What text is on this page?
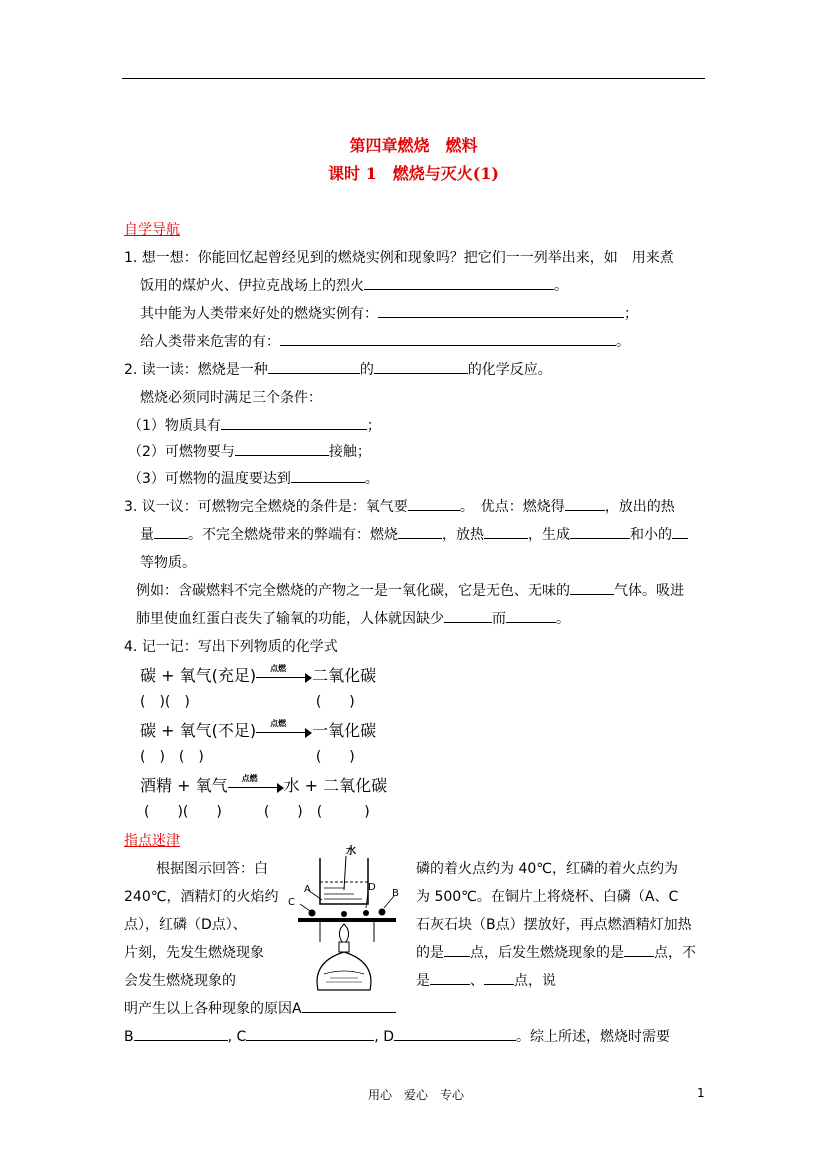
第四章燃烧　燃料
课时 1　燃烧与灭火(1)
自学导航
1. 想一想：你能回忆起曾经见到的燃烧实例和现象吗？把它们一一列举出来，如　用来煮
饭用的煤炉火、伊拉克战场上的烈火	。
其中能为人类带来好处的燃烧实例有：	；
给人类带来危害的有：	。
2. 读一读：燃烧是一种	的	的化学反应。
燃烧必须同时满足三个条件：
（1）物质具有	；
（2）可燃物要与	接触；
（3）可燃物的温度要达到	。
3. 议一议：可燃物完全燃烧的条件是：氧气要	。　优点：燃烧得	，放出的热
量 。不完全燃烧带来的弊端有：燃烧	，放热	，生成	和小的
等物质。
例如：含碳燃料不完全燃烧的产物之一是一氧化碳，它是无色、无味的	气体。吸进
肺里使血红蛋白丧失了输氧的功能，人体就因缺少	而	。
4. 记一记：写出下列物质的化学式
碳 + 氧气(充足) 点燃 二氧化碳
(　)(　)　　　　　　　　　(　　)
碳 + 氧气(不足) 点燃 一氧化碳
(　)　(　)　　　　　　　　(　　)
酒精 + 氧气 点燃 水 + 二氧化碳
(　　)(　　)　　　(　　)　(　　　)
指点迷津
根据图示回答：白
240℃，酒精灯的火焰约
点），红磷（D点）、
片刻，先发生燃烧现象
会发生燃烧现象的
水
A	B
C
D
磷的着火点约为 40℃，红磷的着火点约为
为 500℃。在铜片上将烧杯、白磷（A、C
石灰石块（B点）摆放好，再点燃酒精灯加热
的是 点，后发生燃烧现象的是 点，不
是	、 点，说
明产生以上各种现象的原因A
B	, C	, D	。综上所述，燃烧时需要
用心　爱心　专心	1
